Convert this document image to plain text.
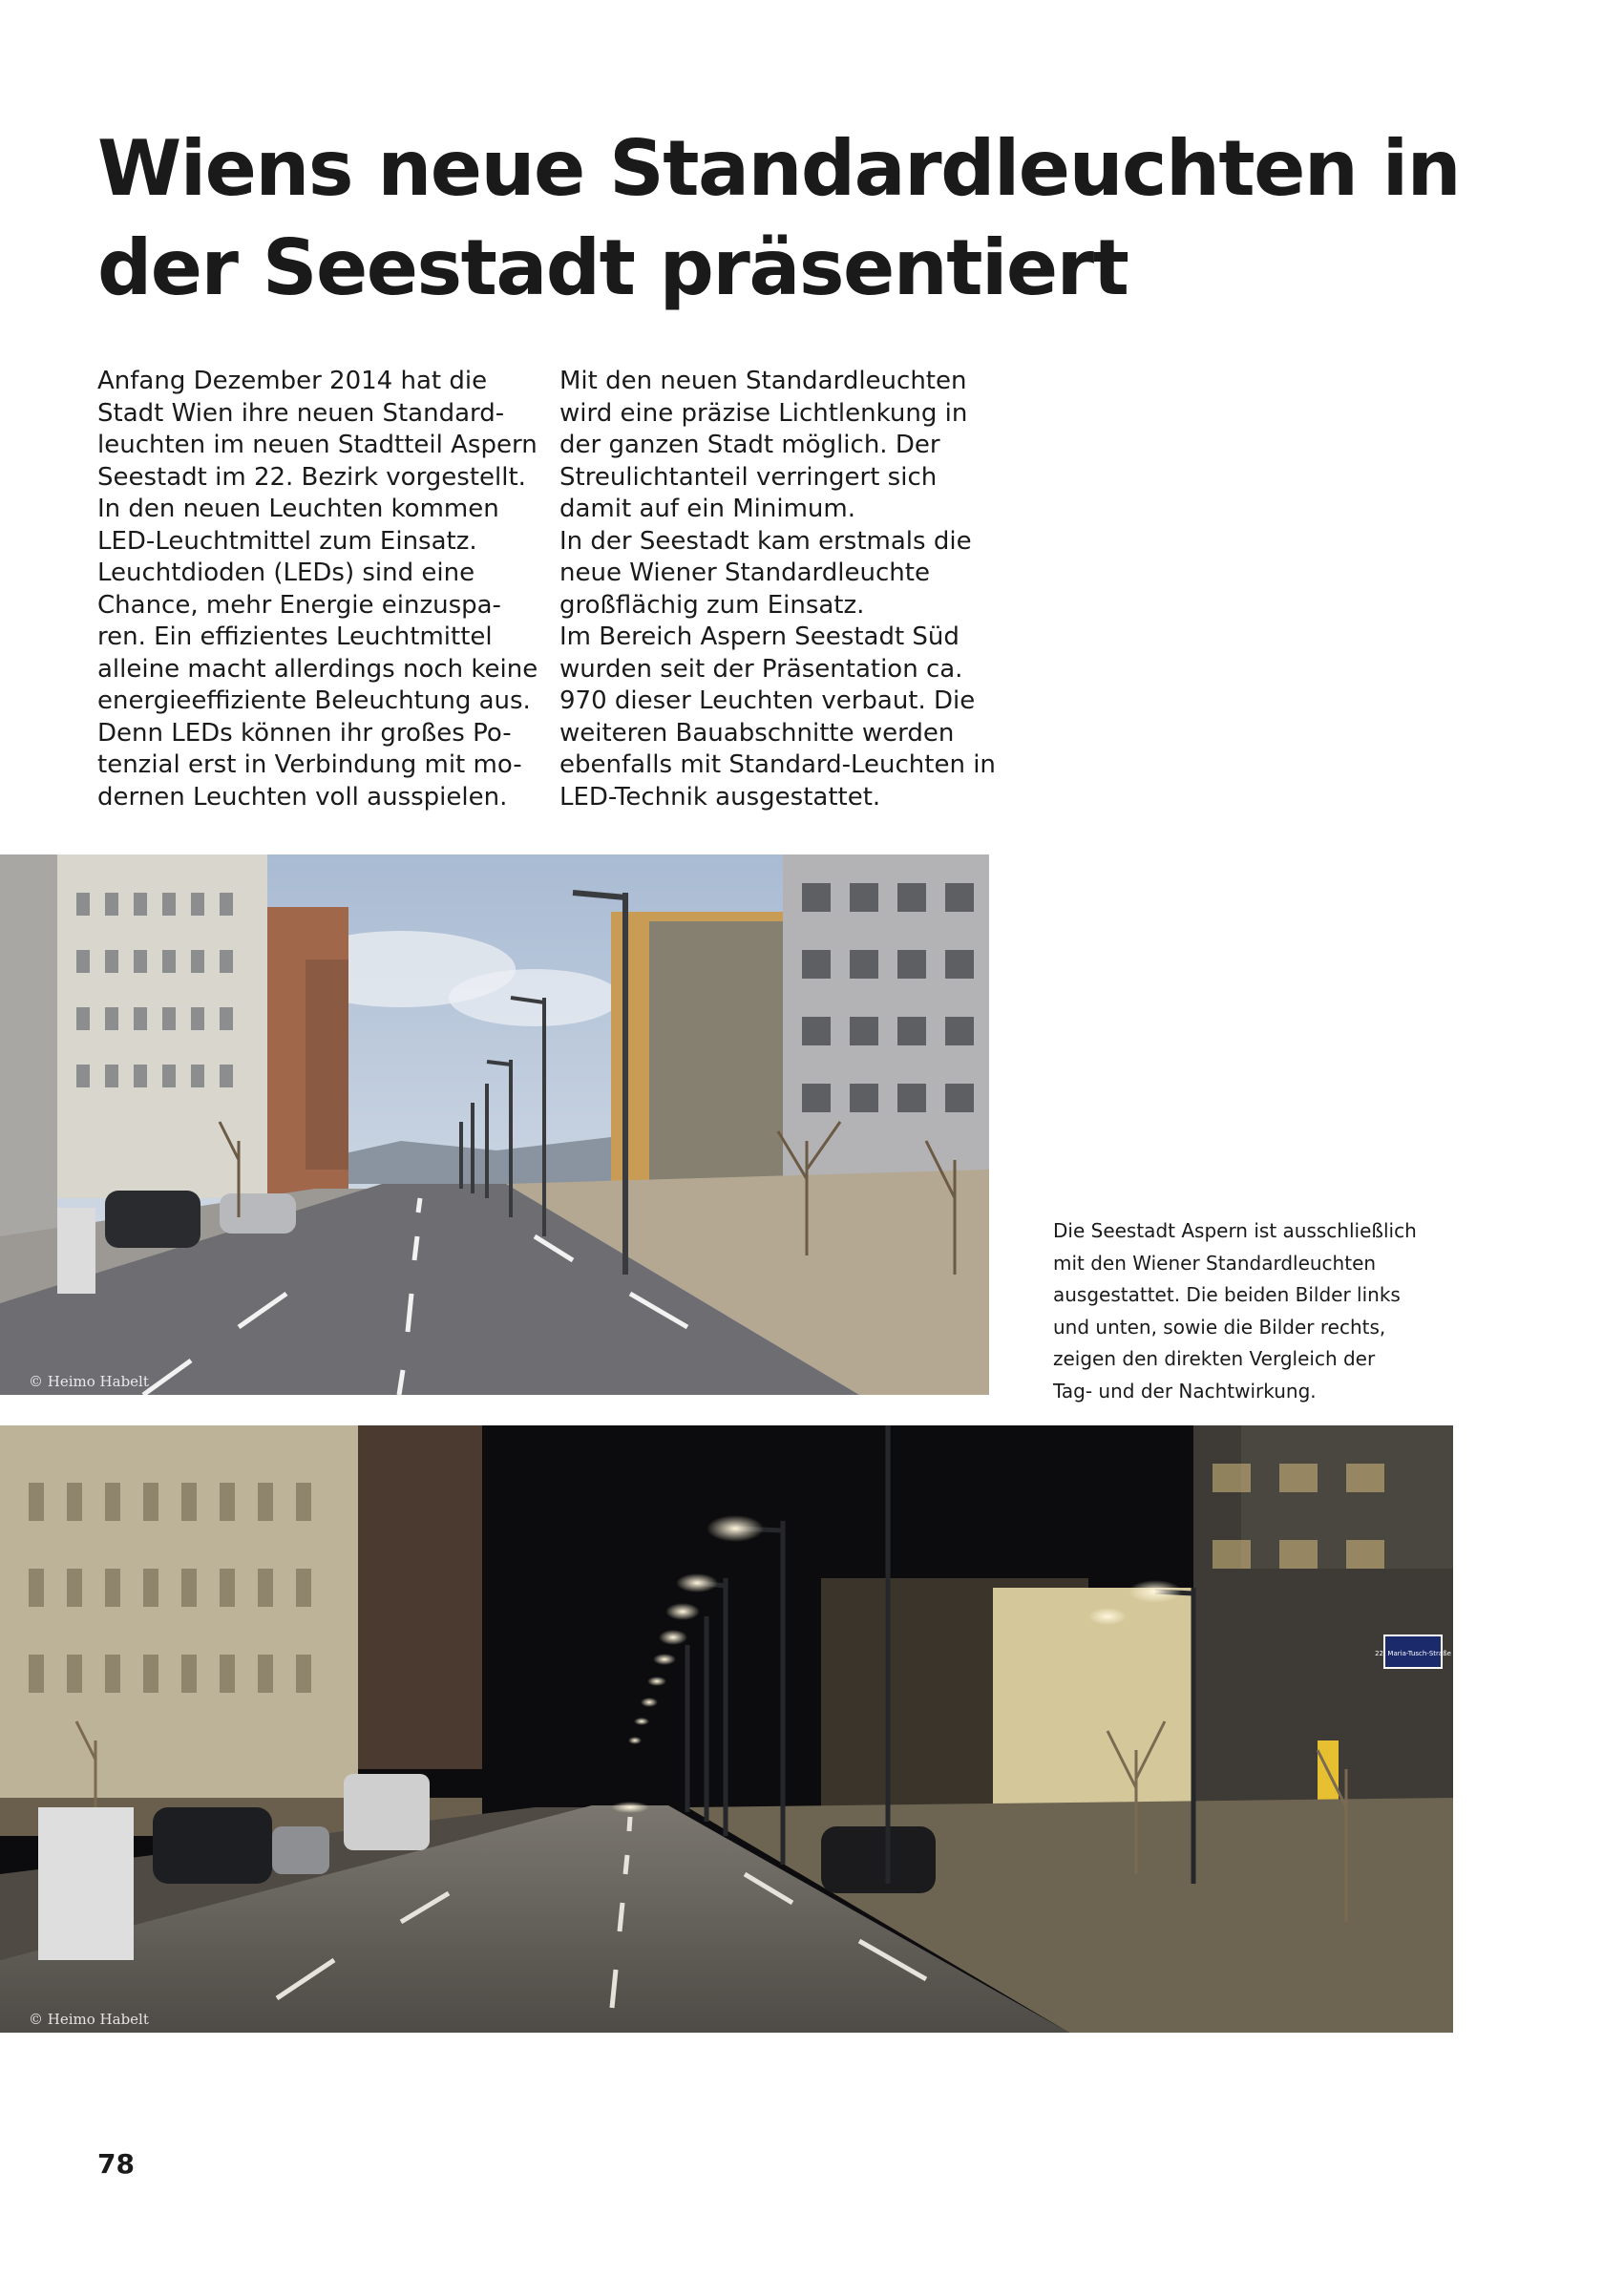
Wiens neue Standardleuchten in der Seestadt präsentiert

Anfang Dezember 2014 hat die
Stadt Wien ihre neuen Standard-
leuchten im neuen Stadtteil Aspern
Seestadt im 22. Bezirk vorgestellt.
In den neuen Leuchten kommen
LED-Leuchtmittel zum Einsatz.
Leuchtdioden (LEDs) sind eine
Chance, mehr Energie einzuspa-
ren. Ein effizientes Leuchtmittel
alleine macht allerdings noch keine
energieeffiziente Beleuchtung aus.
Denn LEDs können ihr großes Po-
tenzial erst in Verbindung mit mo-
dernen Leuchten voll ausspielen.

Mit den neuen Standardleuchten
wird eine präzise Lichtlenkung in
der ganzen Stadt möglich. Der
Streulichtanteil verringert sich
damit auf ein Minimum.
In der Seestadt kam erstmals die
neue Wiener Standardleuchte
großflächig zum Einsatz.
Im Bereich Aspern Seestadt Süd
wurden seit der Präsentation ca.
970 dieser Leuchten verbaut. Die
weiteren Bauabschnitte werden
ebenfalls mit Standard-Leuchten in
LED-Technik ausgestattet.

© Heimo Habelt

Die Seestadt Aspern ist ausschließlich
mit den Wiener Standardleuchten
ausgestattet. Die beiden Bilder links
und unten, sowie die Bilder rechts,
zeigen den direkten Vergleich der
Tag- und der Nachtwirkung.

22, Maria-Tusch-Straße
© Heimo Habelt

78
